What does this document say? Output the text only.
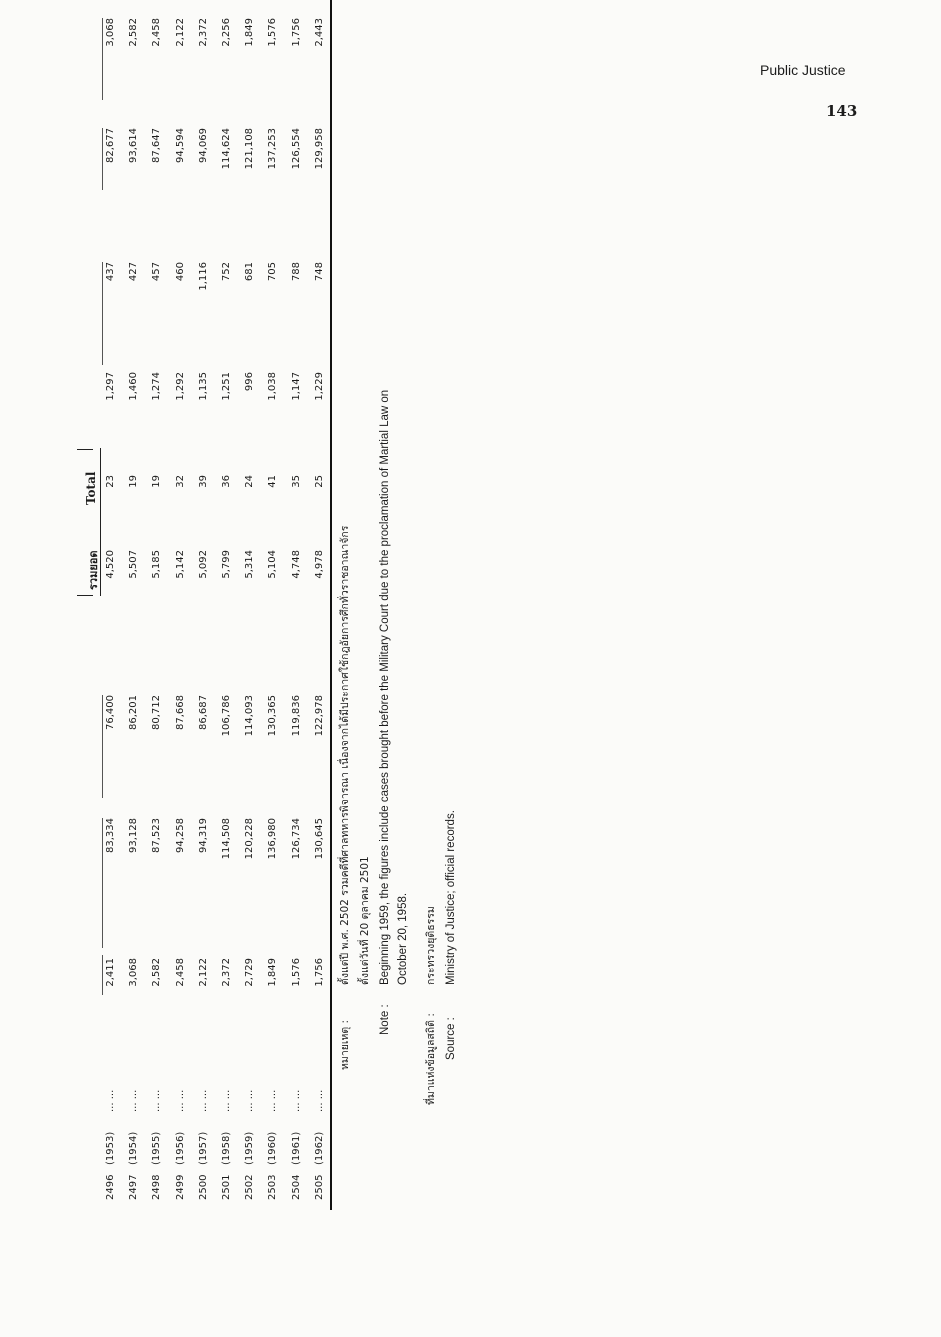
Public Justice
143
รวมยอด
Total
2496
(1953)
... ...
2,411
83,334
76,400
4,520
23
1,297
437
82,677
3,068
2497
(1954)
... ...
3,068
93,128
86,201
5,507
19
1,460
427
93,614
2,582
2498
(1955)
... ...
2,582
87,523
80,712
5,185
19
1,274
457
87,647
2,458
2499
(1956)
... ...
2,458
94,258
87,668
5,142
32
1,292
460
94,594
2,122
2500
(1957)
... ...
2,122
94,319
86,687
5,092
39
1,135
1,116
94,069
2,372
2501
(1958)
... ...
2,372
114,508
106,786
5,799
36
1,251
752
114,624
2,256
2502
(1959)
... ...
2,729
120,228
114,093
5,314
24
996
681
121,108
1,849
2503
(1960)
... ...
1,849
136,980
130,365
5,104
41
1,038
705
137,253
1,576
2504
(1961)
... ...
1,576
126,734
119,836
4,748
35
1,147
788
126,554
1,756
2505
(1962)
... ...
1,756
130,645
122,978
4,978
25
1,229
748
129,958
2,443
หมายเหตุ :
ตั้งแต่ปี พ.ศ. 2502 รวมคดีที่ศาลทหารพิจารณา เนื่องจากได้มีประกาศใช้กฎอัยการศึกทั่วราชอาณาจักร ตั้งแต่วันที่ 20 ตุลาคม 2501
Note :
Beginning 1959, the figures include cases brought before the Military Court due to the proclamation of Martial Law on October 20, 1958.
ที่มาแห่งข้อมูลสถิติ :
กระทรวงยุติธรรม
Source :
Ministry of Justice; official records.
